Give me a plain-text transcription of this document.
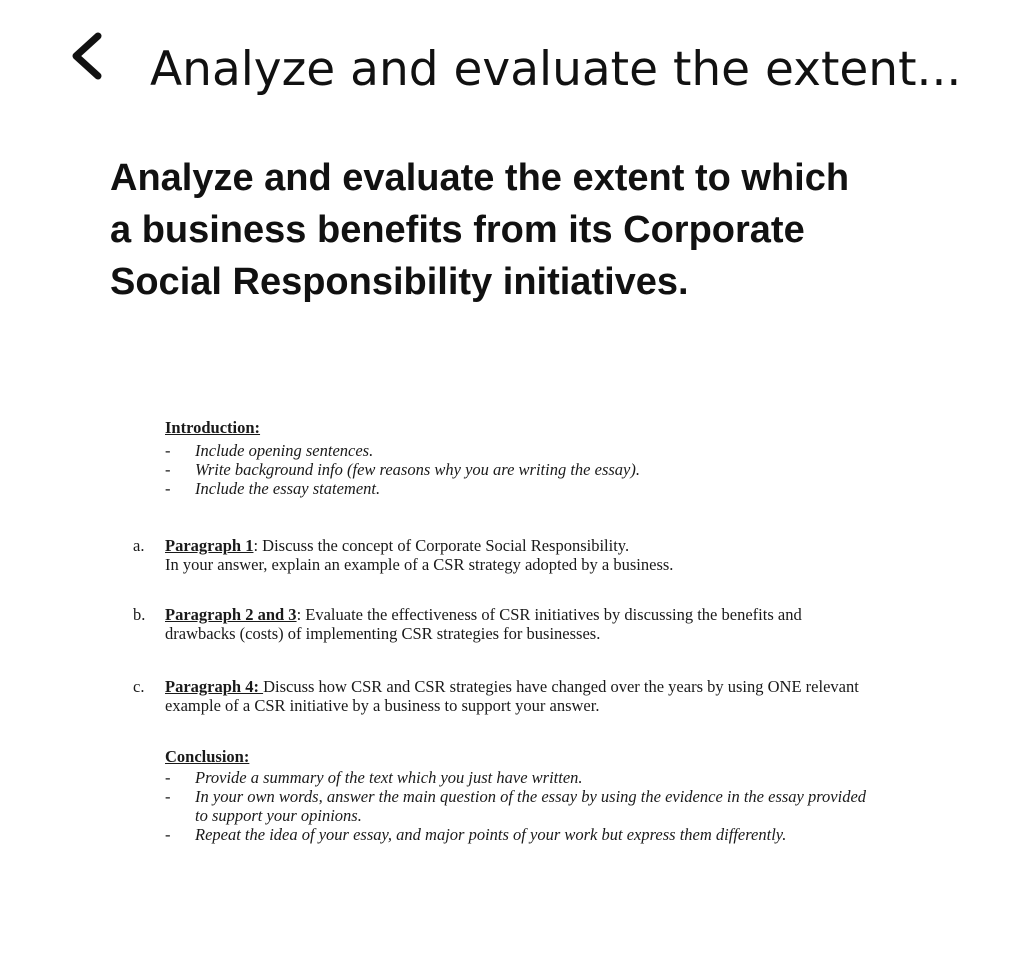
Analyze and evaluate the extent...
Analyze and evaluate the extent to which a business benefits from its Corporate Social Responsibility initiatives.
Introduction:
- Include opening sentences.
- Write background info (few reasons why you are writing the essay).
- Include the essay statement.
a. Paragraph 1: Discuss the concept of Corporate Social Responsibility.
In your answer, explain an example of a CSR strategy adopted by a business.
b. Paragraph 2 and 3: Evaluate the effectiveness of CSR initiatives by discussing the benefits and drawbacks (costs) of implementing CSR strategies for businesses.
c. Paragraph 4: Discuss how CSR and CSR strategies have changed over the years by using ONE relevant example of a CSR initiative by a business to support your answer.
Conclusion:
- Provide a summary of the text which you just have written.
- In your own words, answer the main question of the essay by using the evidence in the essay provided to support your opinions.
- Repeat the idea of your essay, and major points of your work but express them differently.
